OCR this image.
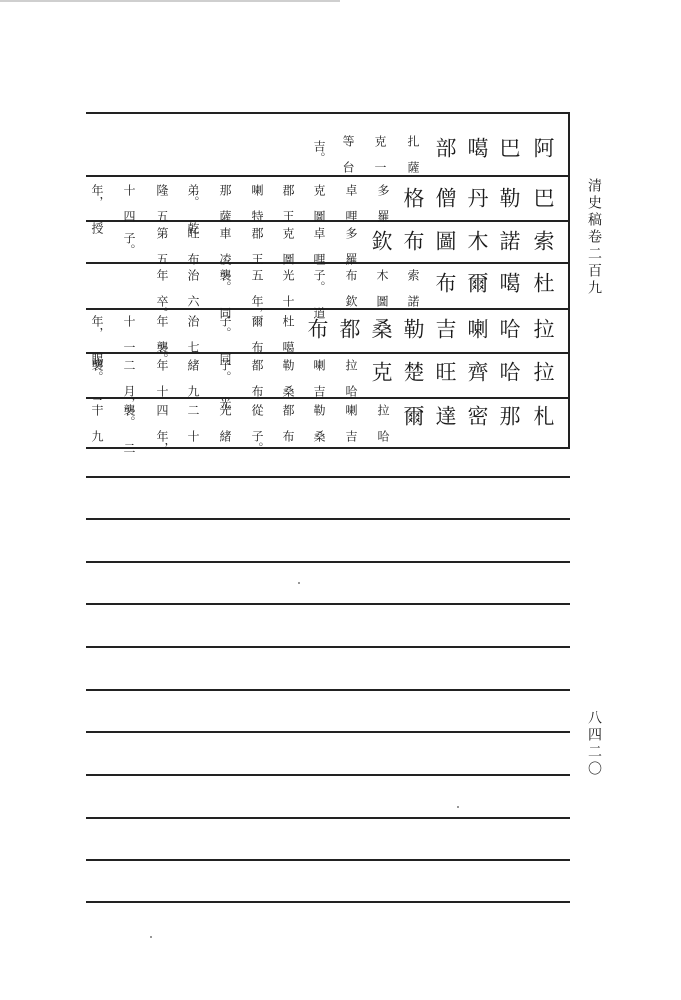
清史稿卷二百九
八四二〇
阿
巴
噶
部
扎 薩
克 一
等 台
吉。
巴
勒
丹
僧
格
多 羅
卓 哩
克 圖
郡 王
喇 特
那 薩
弟。 乾
隆 五
十 四
年， 授
索
諾
木
圖
布
欽
多 羅
卓 哩
克 圖
郡 王
車 凌
旺 布
第 五
子。
杜
噶
爾
布
索 諾
木 圖
布 欽
子。 道
光 十
五 年，
襲。 同
治 六
年 卒。
拉
哈
喇
吉
勒
桑
都
布
杜 噶
爾 布
子。 同
治 七
年 襲。
十 一
年， 賜
拉
哈
齊
旺
楚
克
拉 哈
喇 吉
勒 桑
都 布
子。 光
緒 九
年 十
二 月，
襲。 二
札
那
密
達
爾
拉 哈
喇 吉
勒 桑
都 布
從 子。
光 緒
二 十
四 年，
襲。 二
十 九
